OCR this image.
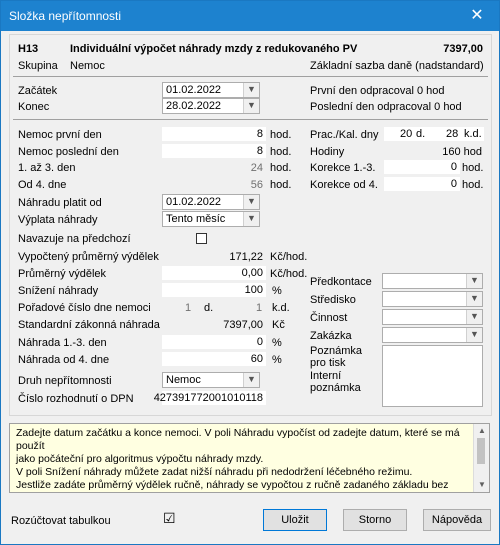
Složka nepřítomnosti	✕
H13	Individuální výpočet náhrady mzdy z redukovaného PV	7397,00
Skupina Nemoc	Základní sazba daně (nadstandard)
Začátek	01.02.2022	▼
Konec	28.02.2022	▼
První den odpracoval 0 hod
Poslední den odpracoval 0 hod
Nemoc první den	8 hod.
Nemoc poslední den	8 hod.
1. až 3. den	24 hod.
Od 4. dne	56 hod.
Náhradu platit od	01.02.2022	▼
Výplata náhrady	Tento měsíc	▼
Navazuje na předchozí
Vypočtený průměrný výdělek	171,22 Kč/hod.
Průměrný výdělek	0,00 Kč/hod.
Snížení náhrady	100 %
Pořadové číslo dne nemoci	1 d.	1 k.d.
Standardní zákonná náhrada	7397,00 Kč
Náhrada 1.-3. den	0 %
Náhrada od 4. dne	60 %
Druh nepřítomnosti	Nemoc	▼
Číslo rozhodnutí o DPN 427391772001010118
Prac./Kal. dny 20 d. 28 k.d.
Hodiny	160 hod
Korekce 1.-3.	0 hod.
Korekce od 4.	0 hod.
Předkontace	▼
Středisko	▼
Činnost	▼
Zakázka	▼
Poznámka
pro tisk
Interní
poznámka
Zadejte datum začátku a konce nemoci. V poli Náhradu vypočíst od zadejte datum, které se má použít
jako počáteční pro algoritmus výpočtu náhrady mzdy.
V poli Snížení náhrady můžete zadat nižší náhradu při nedodržení léčebného režimu.
Jestliže zadáte průměrný výdělek ručně, náhrady se vypočtou z ručně zadaného základu bez
▲
▼
Rozúčtovat tabulkou	☑	Uložit	Storno	Nápověda
